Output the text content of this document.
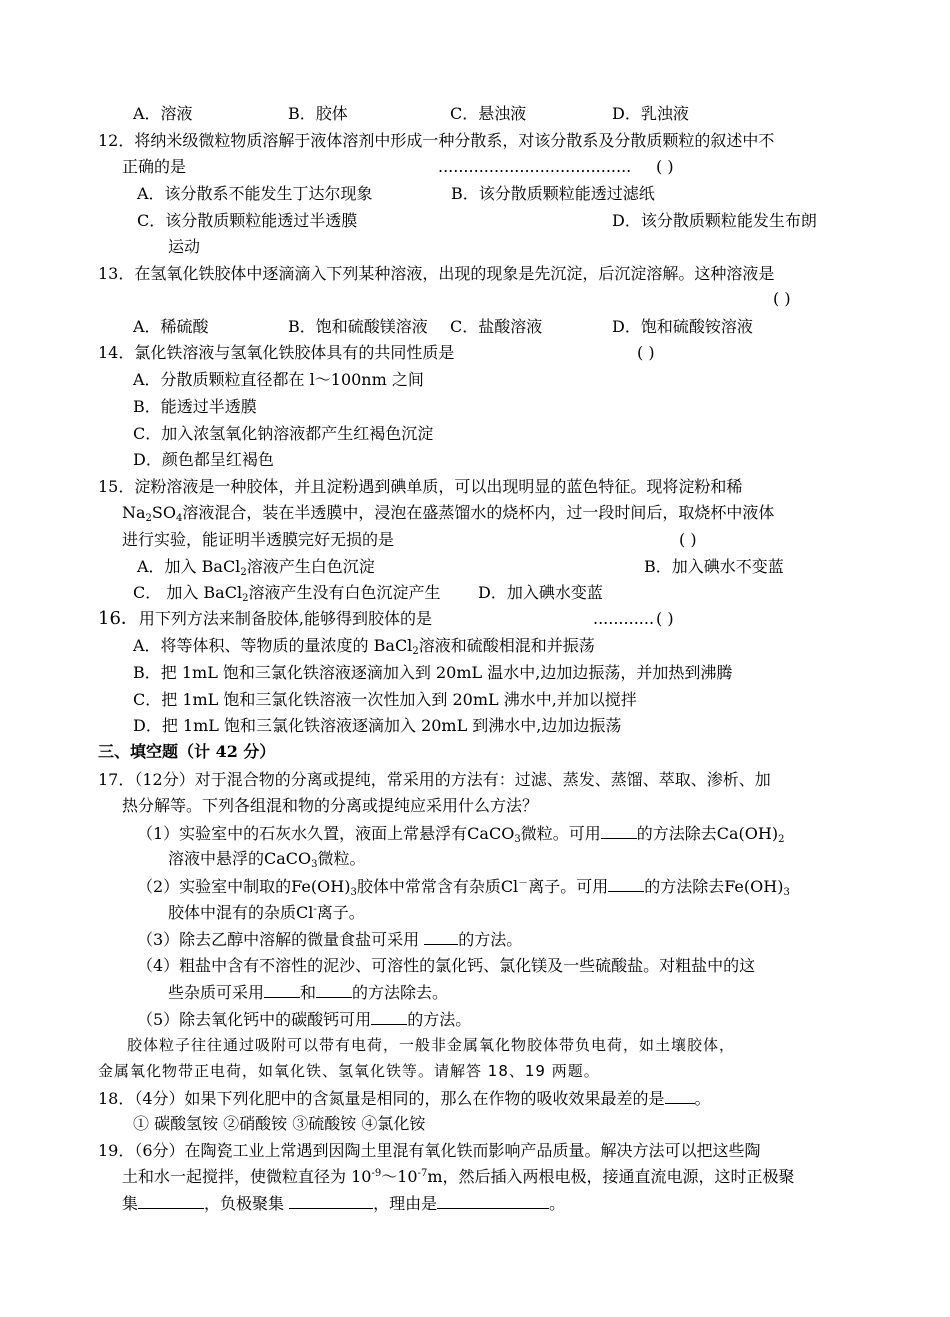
A．溶液	B．胶体	C．悬浊液	D．乳浊液
12．将纳米级微粒物质溶解于液体溶剂中形成一种分散系，对该分散系及分散质颗粒的叙述中不
正确的是	...................................... ( )
A．该分散系不能发生丁达尔现象	B．该分散质颗粒能透过滤纸
C．该分散质颗粒能透过半透膜	D．该分散质颗粒能发生布朗
运动
13．在氢氧化铁胶体中逐滴滴入下列某种溶液，出现的现象是先沉淀，后沉淀溶解。这种溶液是
( )
A．稀硫酸	B．饱和硫酸镁溶液 C．盐酸溶液	D．饱和硫酸铵溶液
14．氯化铁溶液与氢氧化铁胶体具有的共同性质是	( )
A．分散质颗粒直径都在 l～100nm 之间
B．能透过半透膜
C．加入浓氢氧化钠溶液都产生红褐色沉淀
D．颜色都呈红褐色
15．淀粉溶液是一种胶体，并且淀粉遇到碘单质，可以出现明显的蓝色特征。现将淀粉和稀
$Na_2SO_4$溶液混合，装在半透膜中，浸泡在盛蒸馏水的烧杯内，过一段时间后，取烧杯中液体
进行实验，能证明半透膜完好无损的是	( )
A．加入 BaCl$_2$溶液产生白色沉淀	B．加入碘水不变蓝
C． 加入 BaCl$_2$溶液产生没有白色沉淀产生 D．加入碘水变蓝
16．用下列方法来制备胶体,能够得到胶体的是	............ ( )
A．将等体积、等物质的量浓度的 BaCl$_2$溶液和硫酸相混和并振荡
B．把 1mL 饱和三氯化铁溶液逐滴加入到 20mL 温水中,边加边振荡，并加热到沸腾
C．把 1mL 饱和三氯化铁溶液一次性加入到 20mL 沸水中,并加以搅拌
D．把 1mL 饱和三氯化铁溶液逐滴加入 20mL 到沸水中,边加边振荡
三、填空题（计 42 分）
17．（12分）对于混合物的分离或提纯，常采用的方法有：过滤、蒸发、蒸馏、萃取、渗析、加
热分解等。下列各组混和物的分离或提纯应采用什么方法？
（1）实验室中的石灰水久置，液面上常悬浮有CaCO$_3$微粒。可用 的方法除去$Ca(OH)_2$
溶液中悬浮的CaCO$_3$微粒。
（2）实验室中制取的$Fe(OH)_3$胶体中常常含有杂质Cl－离子。可用 的方法除去$Fe(OH)_3$
胶体中混有的杂质Cl-离子。
（3）除去乙醇中溶解的微量食盐可采用 的方法。
（4）粗盐中含有不溶性的泥沙、可溶性的氯化钙、氯化镁及一些硫酸盐。对粗盐中的这
些杂质可采用 和 的方法除去。
（5）除去氧化钙中的碳酸钙可用 的方法。
胶体粒子往往通过吸附可以带有电荷，一般非金属氧化物胶体带负电荷，如土壤胶体，
金属氧化物带正电荷，如氧化铁、氢氧化铁等。请解答 18、19 两题。
18．（4分）如果下列化肥中的含氮量是相同的，那么在作物的吸收效果最差的是 。
① 碳酸氢铵 ②硝酸铵 ③硫酸铵 ④氯化铵
19．（6分）在陶瓷工业上常遇到因陶土里混有氧化铁而影响产品质量。解决方法可以把这些陶
土和水一起搅拌，使微粒直径为 $10^{-9}\sim 10^{-7}m$，然后插入两根电极，接通直流电源，这时正极聚
集	，负极聚集	，理由是	。
